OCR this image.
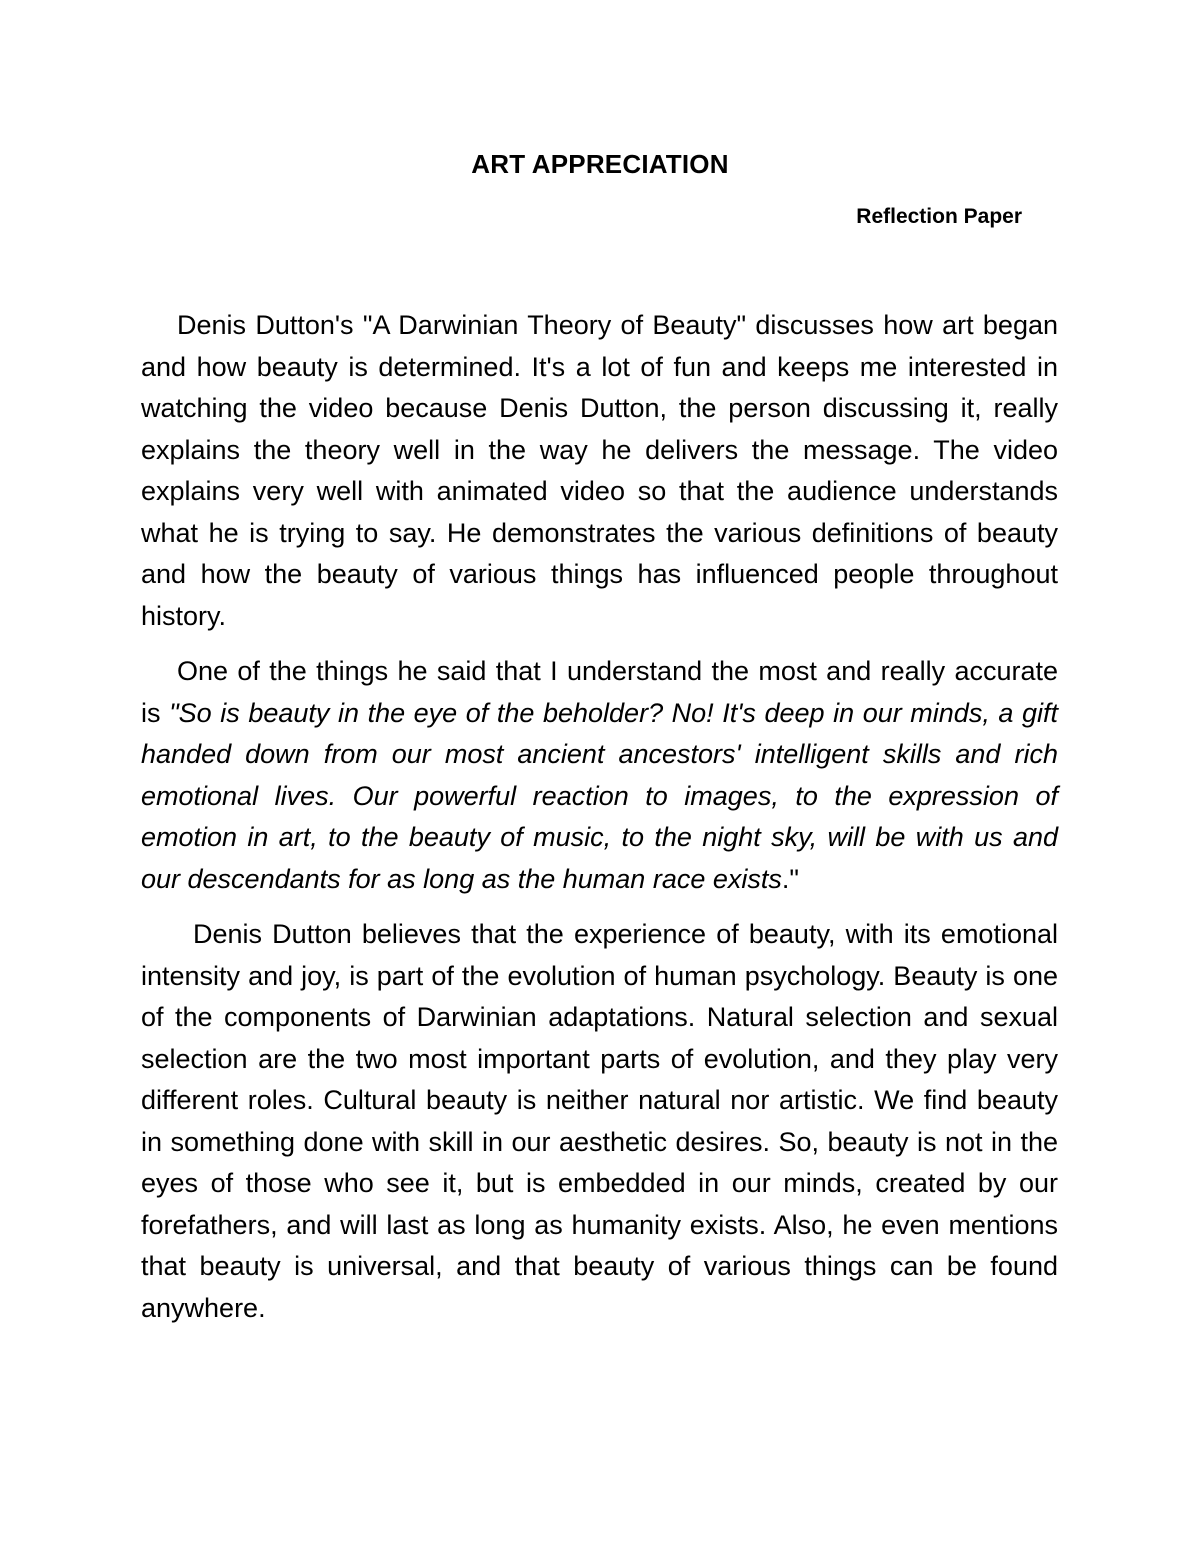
ART APPRECIATION
Reflection Paper

Denis Dutton's "A Darwinian Theory of Beauty" discusses how art began and how beauty is determined. It's a lot of fun and keeps me interested in watching the video because Denis Dutton, the person discussing it, really explains the theory well in the way he delivers the message. The video explains very well with animated video so that the audience understands what he is trying to say. He demonstrates the various definitions of beauty and how the beauty of various things has influenced people throughout history.

One of the things he said that I understand the most and really accurate is "So is beauty in the eye of the beholder? No! It's deep in our minds, a gift handed down from our most ancient ancestors' intelligent skills and rich emotional lives. Our powerful reaction to images, to the expression of emotion in art, to the beauty of music, to the night sky, will be with us and our descendants for as long as the human race exists."

Denis Dutton believes that the experience of beauty, with its emotional intensity and joy, is part of the evolution of human psychology. Beauty is one of the components of Darwinian adaptations. Natural selection and sexual selection are the two most important parts of evolution, and they play very different roles. Cultural beauty is neither natural nor artistic. We find beauty in something done with skill in our aesthetic desires. So, beauty is not in the eyes of those who see it, but is embedded in our minds, created by our forefathers, and will last as long as humanity exists. Also, he even mentions that beauty is universal, and that beauty of various things can be found anywhere.
